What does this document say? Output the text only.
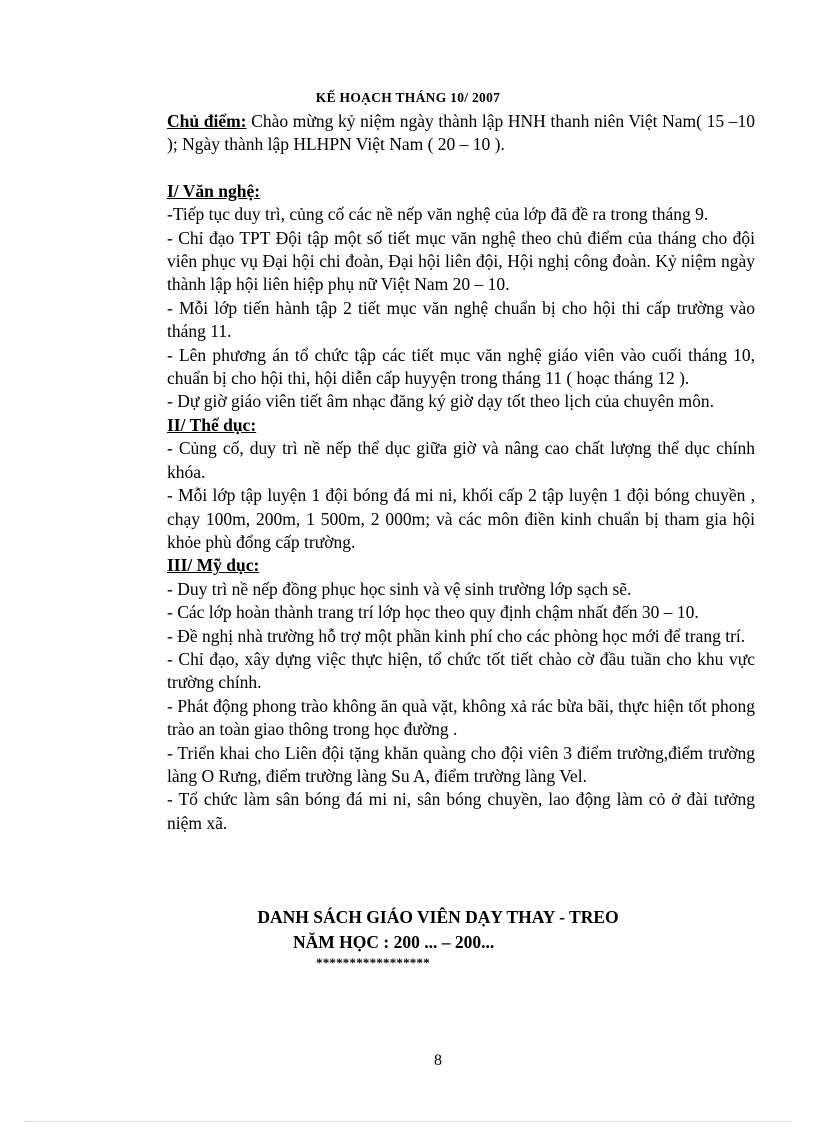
KẾ HOẠCH THÁNG 10/ 2007

Chủ điểm: Chào mừng kỷ niệm ngày thành lập HNH thanh niên Việt Nam( 15 –10 ); Ngày thành lập HLHPN Việt Nam ( 20 – 10 ).

I/ Văn nghệ:

-Tiếp tục duy trì, củng cố các nề nếp văn nghệ của lớp đã đề ra trong tháng 9.

- Chỉ đạo TPT Đội tập một số tiết mục văn nghệ theo chủ điểm của tháng cho đội viên phục vụ Đại hội chi đoàn, Đại hội liên đội, Hội nghị công đoàn. Kỷ niệm ngày thành lập hội liên hiệp phụ nữ Việt Nam 20 – 10.

- Mỗi lớp tiến hành tập 2 tiết mục văn nghệ chuẩn bị cho hội thi cấp trường vào tháng 11.

- Lên phương án tổ chức tập các tiết mục văn nghệ giáo viên vào cuối tháng 10, chuẩn bị cho hội thi, hội diễn cấp huyyện trong tháng 11 ( hoạc tháng 12 ).

- Dự giờ giáo viên tiết âm nhạc đăng ký giờ dạy tốt theo lịch của chuyên môn.

II/ Thể dục:

- Củng cố, duy trì nề nếp thể dục giữa giờ và nâng cao chất lượng thể dục chính khóa.

- Mỗi lớp tập luyện 1 đội bóng đá mi ni, khối cấp 2 tập luyện 1 đội bóng chuyền , chạy 100m, 200m, 1 500m, 2 000m; và các môn điền kinh chuẩn bị tham gia hội khỏe phù đổng cấp trường.

III/ Mỹ dục:

- Duy trì nề nếp đồng phục học sinh và vệ sinh trường lớp sạch sẽ.

- Các lớp hoàn thành trang trí lớp học theo quy định chậm nhất đến 30 – 10.

- Đề nghị nhà trường hỗ trợ một phần kinh phí cho các phòng học mới để trang trí.

- Chỉ đạo, xây dựng việc thực hiện, tổ chức tốt tiết chào cờ đầu tuần cho khu vực trường chính.

- Phát động phong trào không ăn quà vặt, không xả rác bừa bãi, thực hiện tốt phong trào an toàn giao thông trong học đường .

- Triển khai cho Liên đội tặng khăn quàng cho đội viên 3 điểm trường,điểm trường làng O Rưng, điểm trường làng Su A, điểm trường làng Vel.

- Tổ chức làm sân bóng đá mi ni, sân bóng chuyền, lao động làm cỏ ở đài tưởng niệm xã.

DANH SÁCH GIÁO VIÊN DẠY THAY - TREO
NĂM HỌC : 200 ... – 200...
*****************
8
